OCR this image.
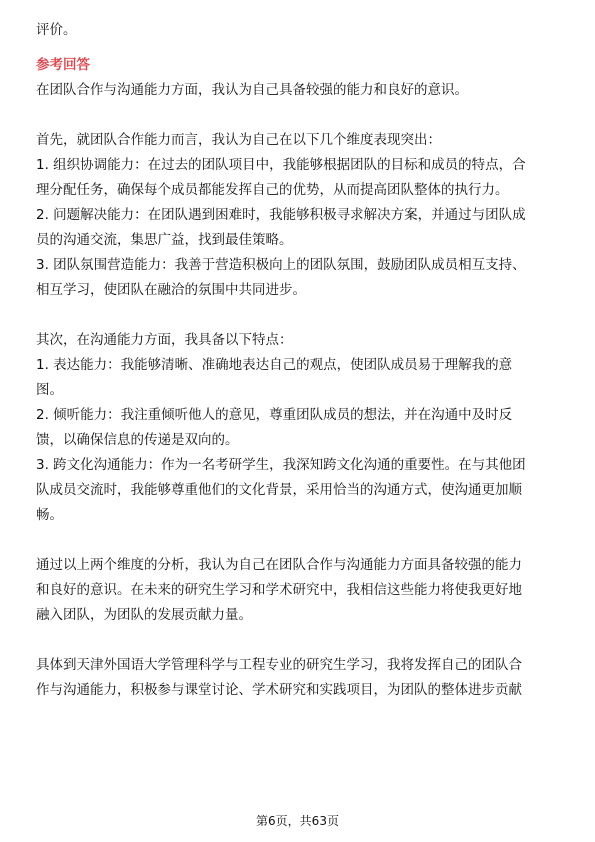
评价。
参考回答
在团队合作与沟通能力方面，我认为自己具备较强的能力和良好的意识。
首先，就团队合作能力而言，我认为自己在以下几个维度表现突出：
1. 组织协调能力：在过去的团队项目中，我能够根据团队的目标和成员的特点，合
理分配任务，确保每个成员都能发挥自己的优势，从而提高团队整体的执行力。
2. 问题解决能力：在团队遇到困难时，我能够积极寻求解决方案，并通过与团队成
员的沟通交流，集思广益，找到最佳策略。
3. 团队氛围营造能力：我善于营造积极向上的团队氛围，鼓励团队成员相互支持、
相互学习，使团队在融洽的氛围中共同进步。
其次，在沟通能力方面，我具备以下特点：
1. 表达能力：我能够清晰、准确地表达自己的观点，使团队成员易于理解我的意
图。
2. 倾听能力：我注重倾听他人的意见，尊重团队成员的想法，并在沟通中及时反
馈，以确保信息的传递是双向的。
3. 跨文化沟通能力：作为一名考研学生，我深知跨文化沟通的重要性。在与其他团
队成员交流时，我能够尊重他们的文化背景，采用恰当的沟通方式，使沟通更加顺
畅。
通过以上两个维度的分析，我认为自己在团队合作与沟通能力方面具备较强的能力
和良好的意识。在未来的研究生学习和学术研究中，我相信这些能力将使我更好地
融入团队，为团队的发展贡献力量。
具体到天津外国语大学管理科学与工程专业的研究生学习，我将发挥自己的团队合
作与沟通能力，积极参与课堂讨论、学术研究和实践项目，为团队的整体进步贡献
第6页，共63页
